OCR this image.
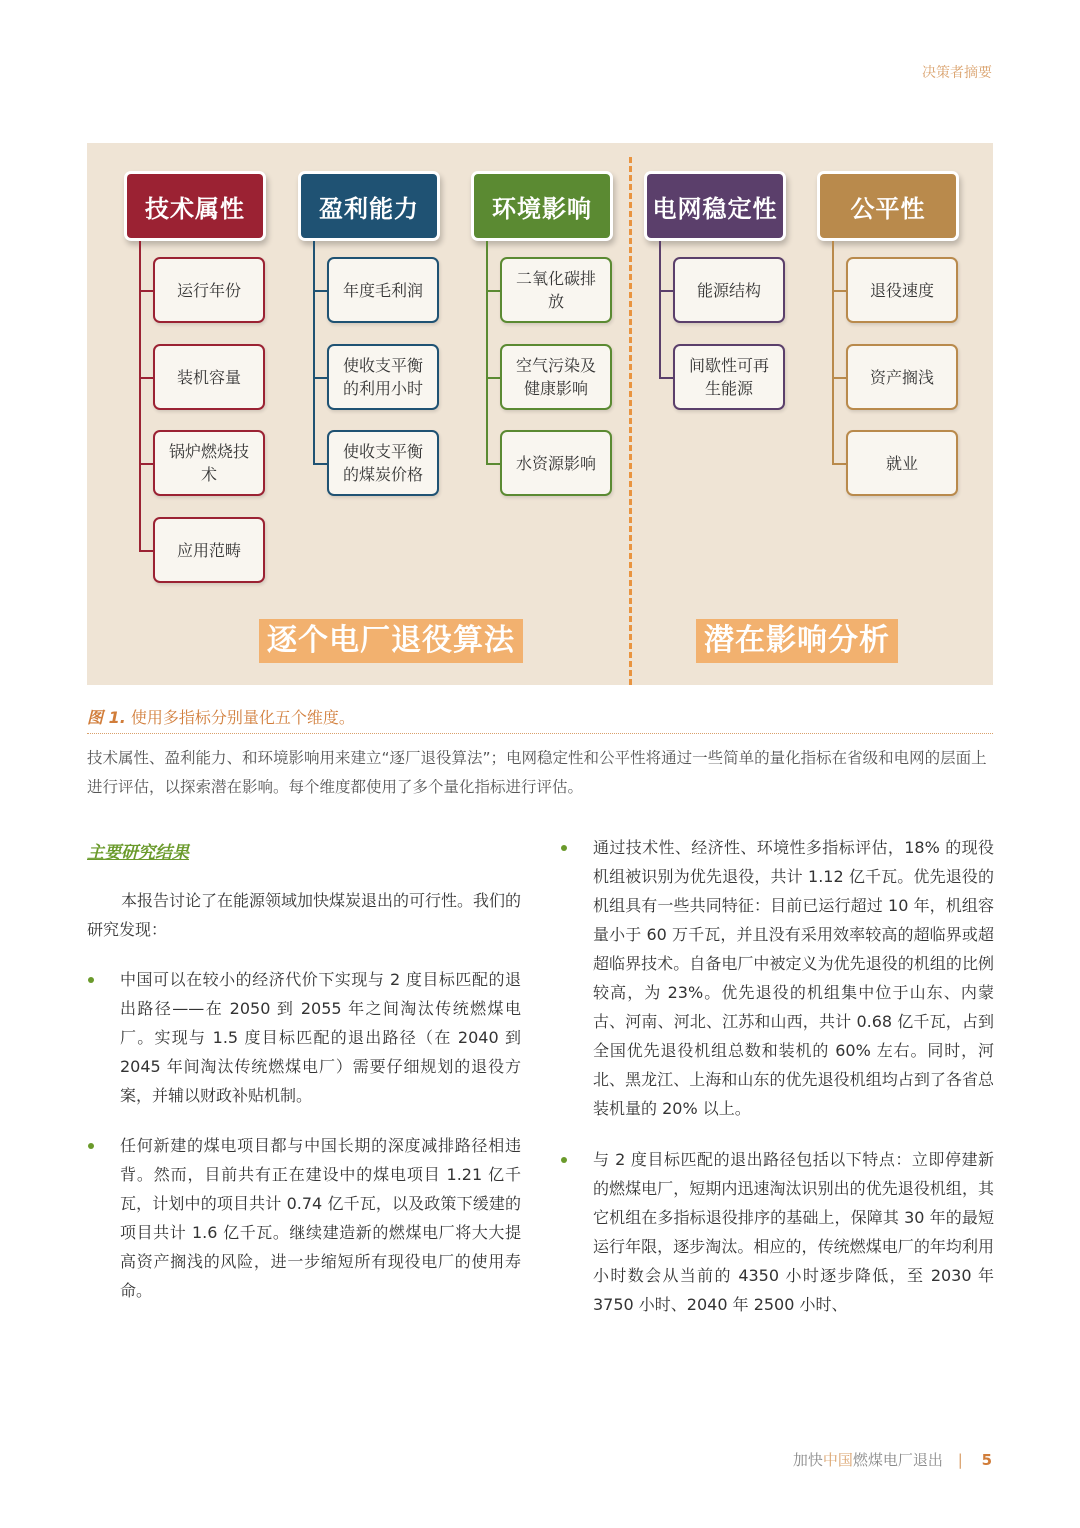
决策者摘要
技术属性
运行年份
装机容量
锅炉燃烧技术
应用范畴
盈利能力
年度毛利润
使收支平衡的利用小时
使收支平衡的煤炭价格
环境影响
二氧化碳排放
空气污染及健康影响
水资源影响
电网稳定性
能源结构
间歇性可再生能源
公平性
退役速度
资产搁浅
就业
逐个电厂退役算法	潜在影响分析
图 1. 使用多指标分别量化五个维度。
技术属性、盈利能力、和环境影响用来建立“逐厂退役算法”；电网稳定性和公平性将通过一些简单的量化指标在省级和电网的层面上进行评估，以探索潜在影响。每个维度都使用了多个量化指标进行评估。
主要研究结果
本报告讨论了在能源领域加快煤炭退出的可行性。我们的研究发现：
中国可以在较小的经济代价下实现与 2 度目标匹配的退出路径——在 2050 到 2055 年之间淘汰传统燃煤电厂。实现与 1.5 度目标匹配的退出路径（在 2040 到 2045 年间淘汰传统燃煤电厂）需要仔细规划的退役方案，并辅以财政补贴机制。
任何新建的煤电项目都与中国长期的深度减排路径相违背。然而，目前共有正在建设中的煤电项目 1.21 亿千瓦，计划中的项目共计 0.74 亿千瓦，以及政策下缓建的项目共计 1.6 亿千瓦。继续建造新的燃煤电厂将大大提高资产搁浅的风险，进一步缩短所有现役电厂的使用寿命。
通过技术性、经济性、环境性多指标评估，18% 的现役机组被识别为优先退役，共计 1.12 亿千瓦。优先退役的机组具有一些共同特征：目前已运行超过 10 年，机组容量小于 60 万千瓦，并且没有采用效率较高的超临界或超超临界技术。自备电厂中被定义为优先退役的机组的比例较高，为 23%。优先退役的机组集中位于山东、内蒙古、河南、河北、江苏和山西，共计 0.68 亿千瓦，占到全国优先退役机组总数和装机的 60% 左右。同时，河北、黑龙江、上海和山东的优先退役机组均占到了各省总装机量的 20% 以上。
与 2 度目标匹配的退出路径包括以下特点：立即停建新的燃煤电厂，短期内迅速淘汰识别出的优先退役机组，其它机组在多指标退役排序的基础上，保障其 30 年的最短运行年限，逐步淘汰。相应的，传统燃煤电厂的年均利用小时数会从当前的 4350 小时逐步降低，至 2030 年 3750 小时、2040 年 2500 小时、
加快中国燃煤电厂退出 | 5
